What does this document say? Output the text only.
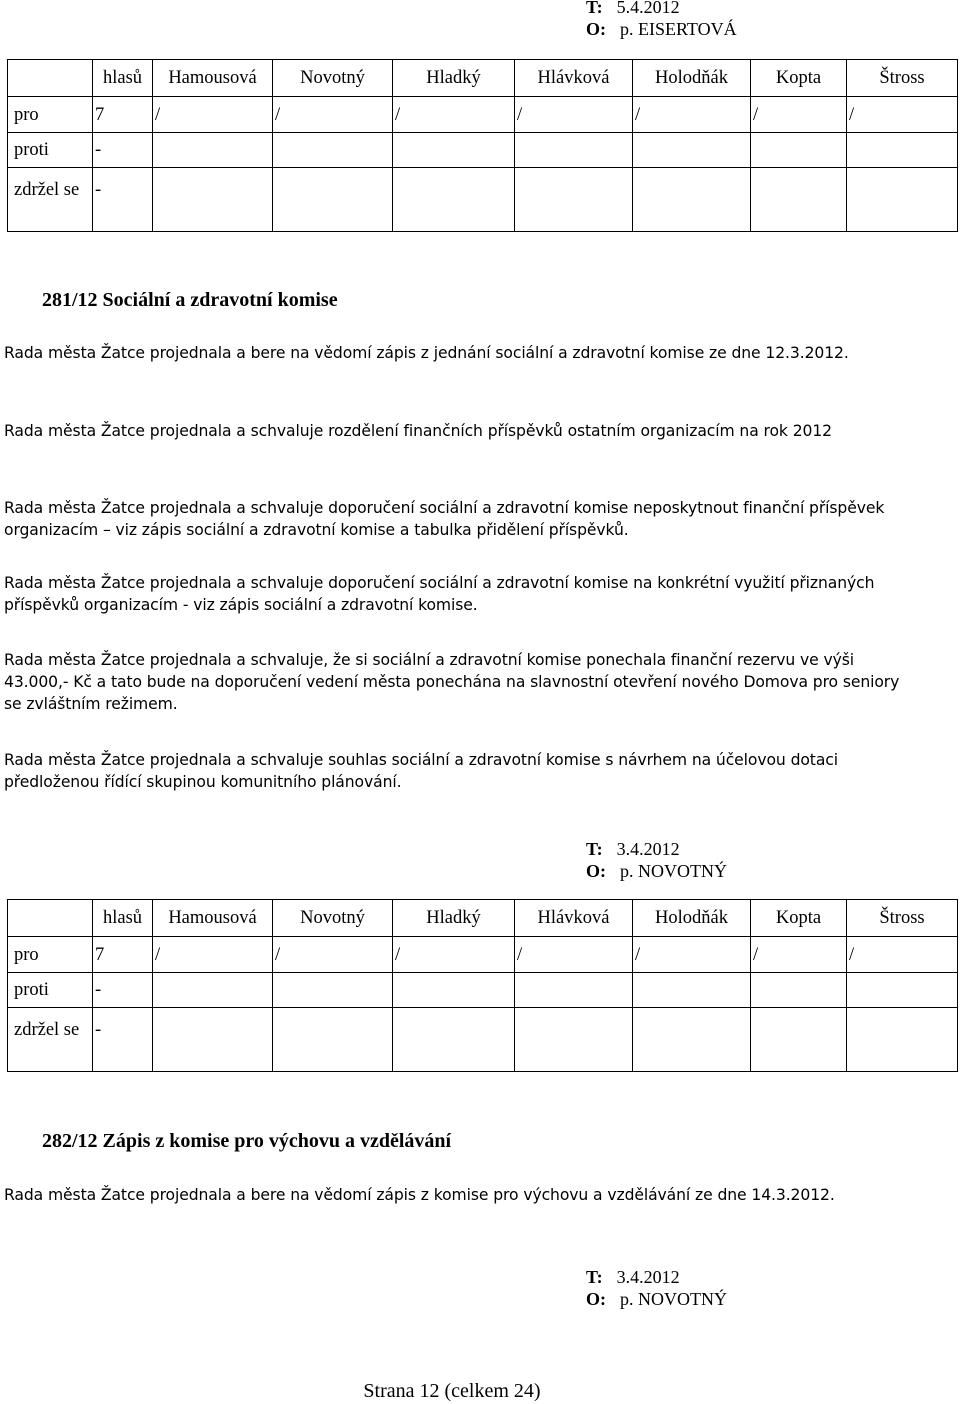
T: 5.4.2012
O: p. EISERTOVÁ
	hlasů	Hamousová	Novotný	Hladký	Hlávková	Holodňák	Kopta	Štross
pro	7	/	/	/	/	/	/	/
proti	-							
zdržel se	-							
281/12 Sociální a zdravotní komise
Rada města Žatce projednala a bere na vědomí zápis z jednání sociální a zdravotní komise ze dne 12.3.2012.
Rada města Žatce projednala a schvaluje rozdělení finančních příspěvků ostatním organizacím na rok 2012
Rada města Žatce projednala a schvaluje doporučení sociální a zdravotní komise neposkytnout finanční příspěvek organizacím – viz zápis sociální a zdravotní komise a tabulka přidělení příspěvků.
Rada města Žatce projednala a schvaluje doporučení sociální a zdravotní komise na konkrétní využití přiznaných příspěvků organizacím - viz zápis sociální a zdravotní komise.
Rada města Žatce projednala a schvaluje, že si sociální a zdravotní komise ponechala finanční rezervu ve výši 43.000,- Kč a tato bude na doporučení vedení města ponechána na slavnostní otevření nového Domova pro seniory se zvláštním režimem.
Rada města Žatce projednala a schvaluje souhlas sociální a zdravotní komise s návrhem na účelovou dotaci předloženou řídící skupinou komunitního plánování.
T: 3.4.2012
O: p. NOVOTNÝ
	hlasů	Hamousová	Novotný	Hladký	Hlávková	Holodňák	Kopta	Štross
pro	7	/	/	/	/	/	/	/
proti	-							
zdržel se	-							
282/12 Zápis z komise pro výchovu a vzdělávání
Rada města Žatce projednala a bere na vědomí zápis z komise pro výchovu a vzdělávání ze dne 14.3.2012.
T: 3.4.2012
O: p. NOVOTNÝ
Strana 12 (celkem 24)
